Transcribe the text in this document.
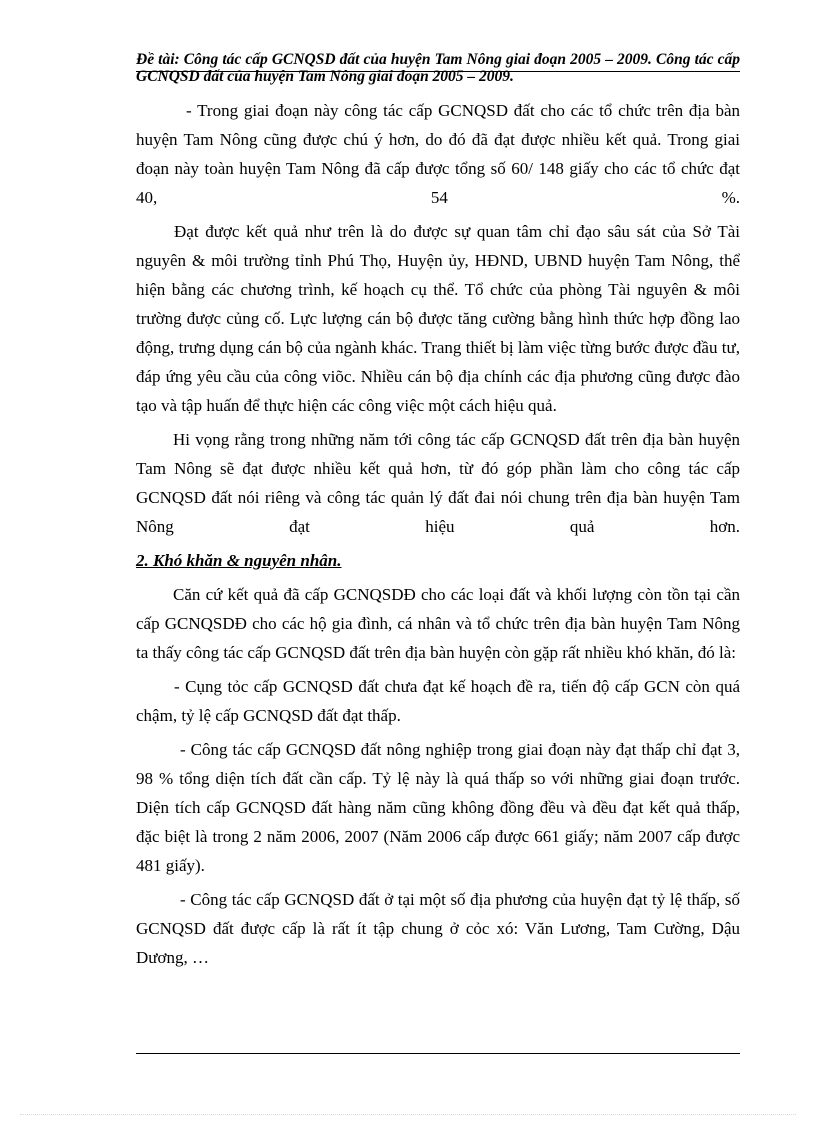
Đề tài: Công tác cấp GCNQSD đất của huyện Tam Nông giai đoạn 2005 – 2009. Công tác cấp GCNQSD đất của huyện Tam Nông giai đoạn 2005 – 2009.

- Trong giai đoạn này công tác cấp GCNQSD đất cho các tổ chức trên địa bàn huyện Tam Nông cũng được chú ý hơn, do đó đã đạt được nhiều kết quả. Trong giai đoạn này toàn huyện Tam Nông đã cấp được tổng số 60/ 148 giấy cho các tổ chức đạt 40, 54 %.

Đạt được kết quả như trên là do được sự quan tâm chỉ đạo sâu sát của Sở Tài nguyên & môi trường tỉnh Phú Thọ, Huyện ủy, HĐND, UBND huyện Tam Nông, thể hiện bằng các chương trình, kế hoạch cụ thể. Tổ chức của phòng Tài nguyên & môi trường được củng cố. Lực lượng cán bộ được tăng cường bằng hình thức hợp đồng lao động, trưng dụng cán bộ của ngành khác. Trang thiết bị làm việc từng bước được đầu tư, đáp ứng yêu cầu của công viõc. Nhiều cán bộ địa chính các địa phương cũng được đào tạo và tập huấn để thực hiện các công việc một cách hiệu quả.

Hi vọng rằng trong những năm tới công tác cấp GCNQSD đất trên địa bàn huyện Tam Nông sẽ đạt được nhiều kết quả hơn, từ đó góp phần làm cho công tác cấp GCNQSD đất nói riêng và công tác quản lý đất đai nói chung trên địa bàn huyện Tam Nông đạt hiệu quả hơn.

2. Khó khăn & nguyên nhân.

Căn cứ kết quả đã cấp GCNQSDĐ cho các loại đất và khối lượng còn tồn tại cần cấp GCNQSDĐ cho các hộ gia đình, cá nhân và tổ chức trên địa bàn huyện Tam Nông ta thấy công tác cấp GCNQSD đất trên địa bàn huyện còn gặp rất nhiều khó khăn, đó là:

- Cụng tỏc cấp GCNQSD đất chưa đạt kế hoạch đề ra, tiến độ cấp GCN còn quá chậm, tỷ lệ cấp GCNQSD đất đạt thấp.

- Công tác cấp GCNQSD đất nông nghiệp trong giai đoạn này đạt thấp chỉ đạt 3, 98 % tổng diện tích đất cần cấp. Tỷ lệ này là quá thấp so với những giai đoạn trước. Diện tích cấp GCNQSD đất hàng năm cũng không đồng đều và đều đạt kết quả thấp, đặc biệt là trong 2 năm 2006, 2007 (Năm 2006 cấp được 661 giấy; năm 2007 cấp được 481 giấy).

- Công tác cấp GCNQSD đất ở tại một số địa phương của huyện đạt tỷ lệ thấp, số GCNQSD đất được cấp là rất ít tập chung ở cỏc xó: Văn Lương, Tam Cường, Dậu Dương, …
